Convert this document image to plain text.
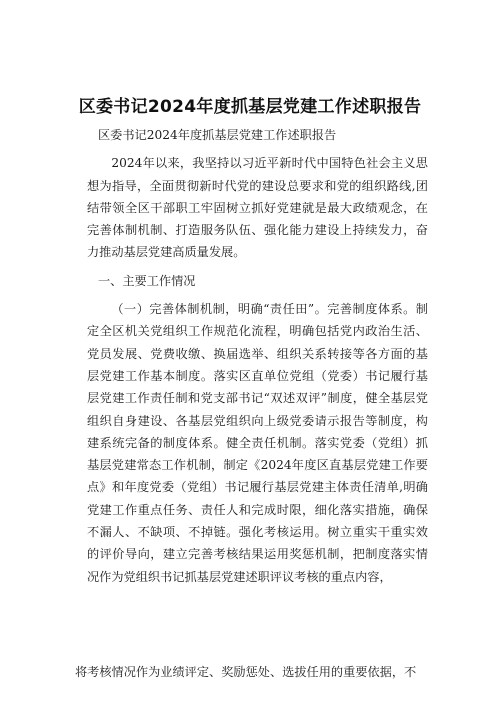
区委书记2024年度抓基层党建工作述职报告

区委书记2024年度抓基层党建工作述职报告

2024年以来，我坚持以习近平新时代中国特色社会主义思想为指导，全面贯彻新时代党的建设总要求和党的组织路线,团结带领全区干部职工牢固树立抓好党建就是最大政绩观念，在完善体制机制、打造服务队伍、强化能力建设上持续发力，奋力推动基层党建高质量发展。

一、主要工作情况

（一）完善体制机制，明确“责任田”。完善制度体系。制定全区机关党组织工作规范化流程，明确包括党内政治生活、党员发展、党费收缴、换届选举、组织关系转接等各方面的基层党建工作基本制度。落实区直单位党组（党委）书记履行基层党建工作责任制和党支部书记“双述双评”制度，健全基层党组织自身建设、各基层党组织向上级党委请示报告等制度，构建系统完备的制度体系。健全责任机制。落实党委（党组）抓基层党建常态工作机制，制定《2024年度区直基层党建工作要点》和年度党委（党组）书记履行基层党建主体责任清单,明确党建工作重点任务、责任人和完成时限，细化落实措施，确保不漏人、不缺项、不掉链。强化考核运用。树立重实干重实效的评价导向，建立完善考核结果运用奖惩机制，把制度落实情况作为党组织书记抓基层党建述职评议考核的重点内容，

将考核情况作为业绩评定、奖励惩处、选拔任用的重要依据，不
